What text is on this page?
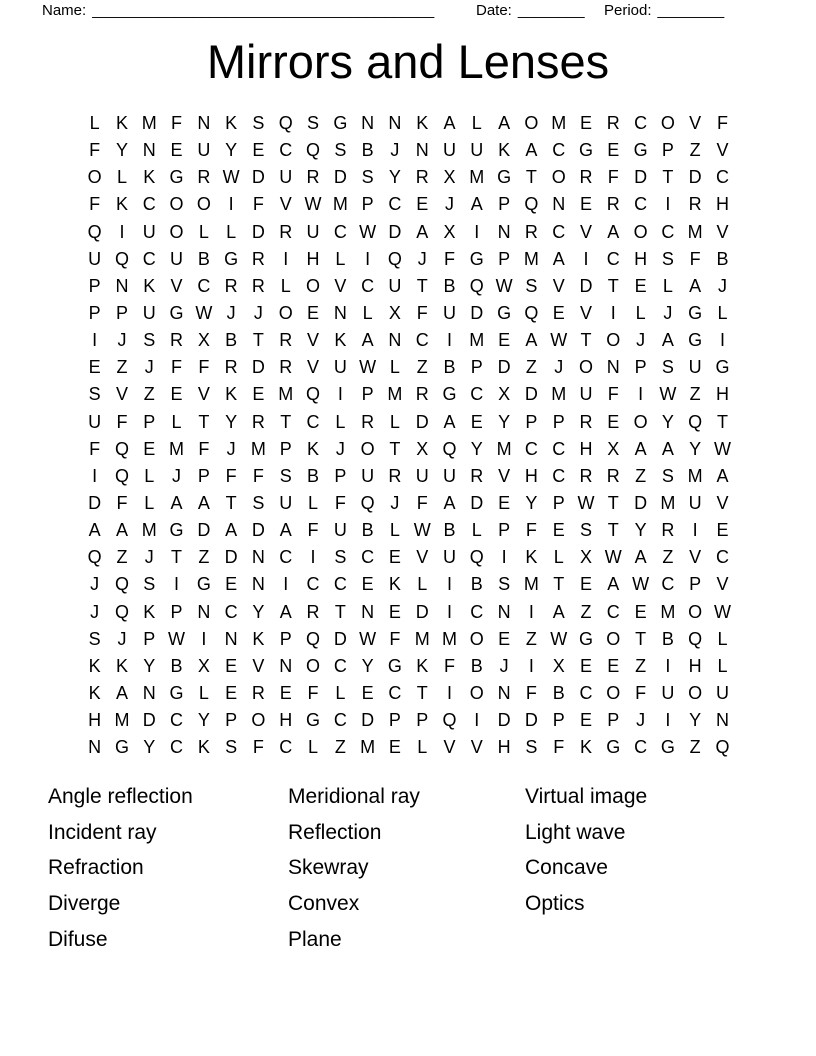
Name: _________________________________________	Date: ________ Period: ________
Mirrors and Lenses
L K M F N K S Q S G N N K A L A O M E R C O V F
F Y N E U Y E C Q S B J N U U K A C G E G P Z V
O L K G R W D U R D S Y R X M G T O R F D T D C
F K C O O I	F V W M P C E J A P Q N E R C	I	R H
Q I	U O L L D R U C W D A X	I	N R C V A O C M V
U Q C U B G R	I	H L	I Q J F G P M A	I	C H S F B
P N K V C R R L O V C U T B Q W S V D T E L A J
P P U G W J	J O E N L X F U D G Q E V	I	L J G L
I	J S R X B T R V K A N C	I M E A W T O J A G I
E Z J F F R D R V U W L Z B P D Z J O N P S U G
S V Z E V K E M Q I	P M R G C X D M U F	I W Z H
U F P L T Y R T C L R L D A E Y P P R E O Y Q T
F Q E M F J M P K J O T X Q Y M C C H X A A Y W
I Q L J P F F S B P U R U U R V H C R R Z S M A
D F L A A T S U L F Q J F A D E Y P W T D M U V
A A M G D A D A F U B L W B L P F E S T Y R	I	E
Q Z J T Z D N C	I	S C E V U Q I	K L X W A Z V C
J Q S	I G E N	I	C C E K L	I	B S M T E A W C P V
J Q K P N C Y A R T N E D	I	C N	I	A Z C E M O W
S J P W I	N K P Q D W F M M O E Z W G O T B Q L
K K Y B X E V N O C Y G K F B J	I	X E E Z	I	H L
K A N G L E R E F L E C T	I O N F B C O F U O U
H M D C Y P O H G C D P P Q I	D D P E P J	I	Y N
N G Y C K S F C L Z M E L V V H S F K G C G Z Q
Angle reflection
Incident ray
Refraction
Diverge
Difuse
Meridional ray
Reflection
Skewray
Convex
Plane
Virtual image
Light wave
Concave
Optics
